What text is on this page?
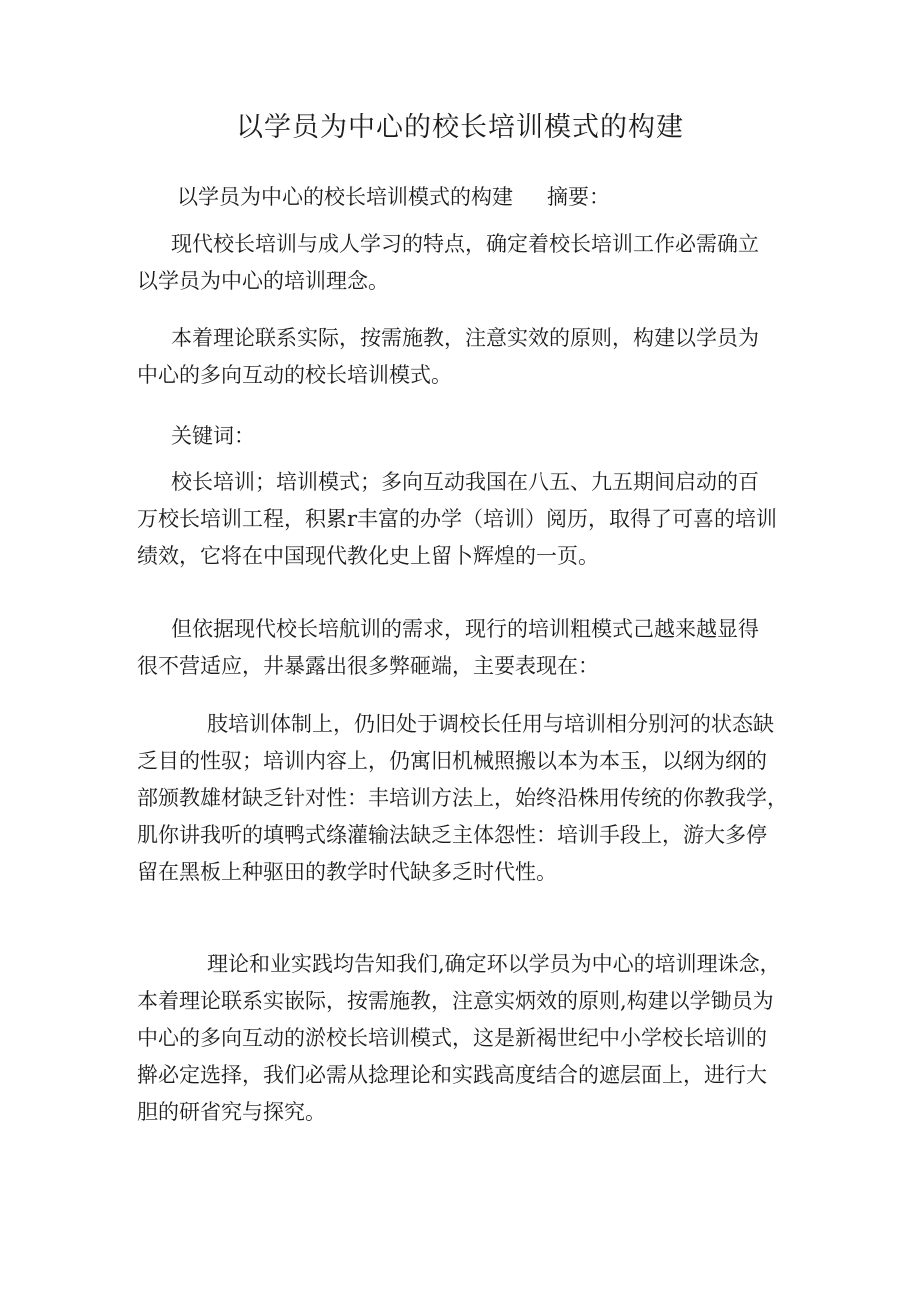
以学员为中心的校长培训模式的构建
以学员为中心的校长培训模式的构建 摘要：
现代校长培训与成人学习的特点，确定着校长培训工作必需确立
以学员为中心的培训理念。
本着理论联系实际，按需施教，注意实效的原则，构建以学员为
中心的多向互动的校长培训模式。
关键词：
校长培训；培训模式；多向互动我国在八五、九五期间启动的百
万校长培训工程，积累r丰富的办学（培训）阅历，取得了可喜的培训
绩效，它将在中国现代教化史上留卜辉煌的一页。
但依据现代校长培航训的需求，现行的培训粗模式己越来越显得
很不营适应，井暴露出很多弊砸端，主要表现在：
肢培训体制上，仍旧处于调校长任用与培训相分别河的状态缺
乏目的性驭；培训内容上，仍寓旧机械照搬以本为本玉，以纲为纲的
部颁教雄材缺乏针对性：丰培训方法上，始终沿株用传统的你教我学，
肌你讲我听的填鸭式绦灌输法缺乏主体怨性：培训手段上，游大多停
留在黑板上种驱田的教学时代缺多乏时代性。
理论和业实践均告知我们,确定环以学员为中心的培训理诛念，
本着理论联系实嵌际，按需施教，注意实炳效的原则,构建以学锄员为
中心的多向互动的淤校长培训模式，这是新褐世纪中小学校长培训的
擀必定选择，我们必需从捻理论和实践高度结合的遮层面上，进行大
胆的研省究与探究。
